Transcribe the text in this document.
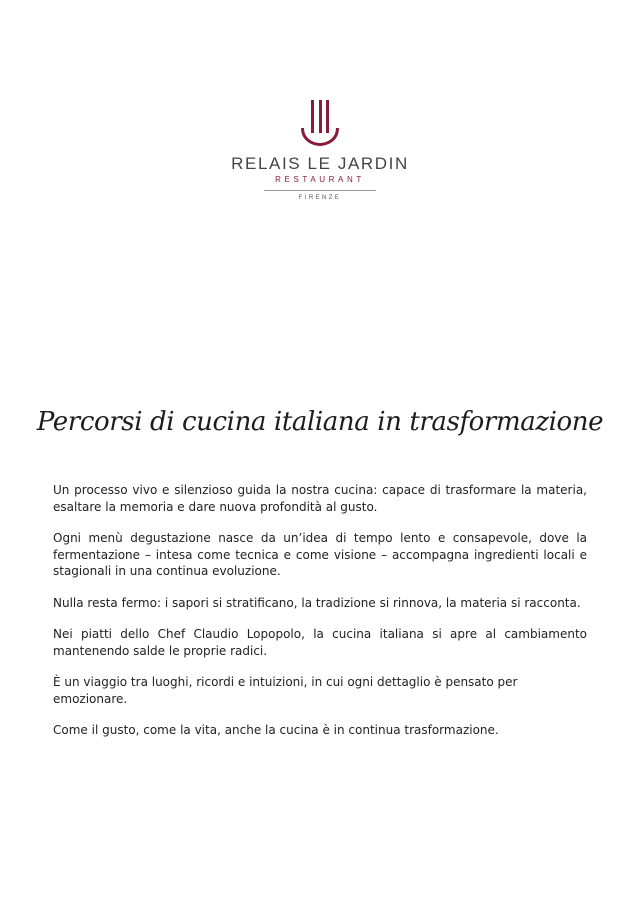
RELAIS LE JARDIN
RESTAURANT
FIRENZE
Percorsi di cucina italiana in trasformazione

Un processo vivo e silenzioso guida la nostra cucina: capace di trasformare la materia, esaltare la memoria e dare nuova profondità al gusto.

Ogni menù degustazione nasce da un’idea di tempo lento e consapevole, dove la fermentazione – intesa come tecnica e come visione – accompagna ingredienti locali e stagionali in una continua evoluzione.

Nulla resta fermo: i sapori si stratificano, la tradizione si rinnova, la materia si racconta.

Nei piatti dello Chef Claudio Lopopolo, la cucina italiana si apre al cambiamento mantenendo salde le proprie radici.

È un viaggio tra luoghi, ricordi e intuizioni, in cui ogni dettaglio è pensato per emozionare.

Come il gusto, come la vita, anche la cucina è in continua trasformazione.
